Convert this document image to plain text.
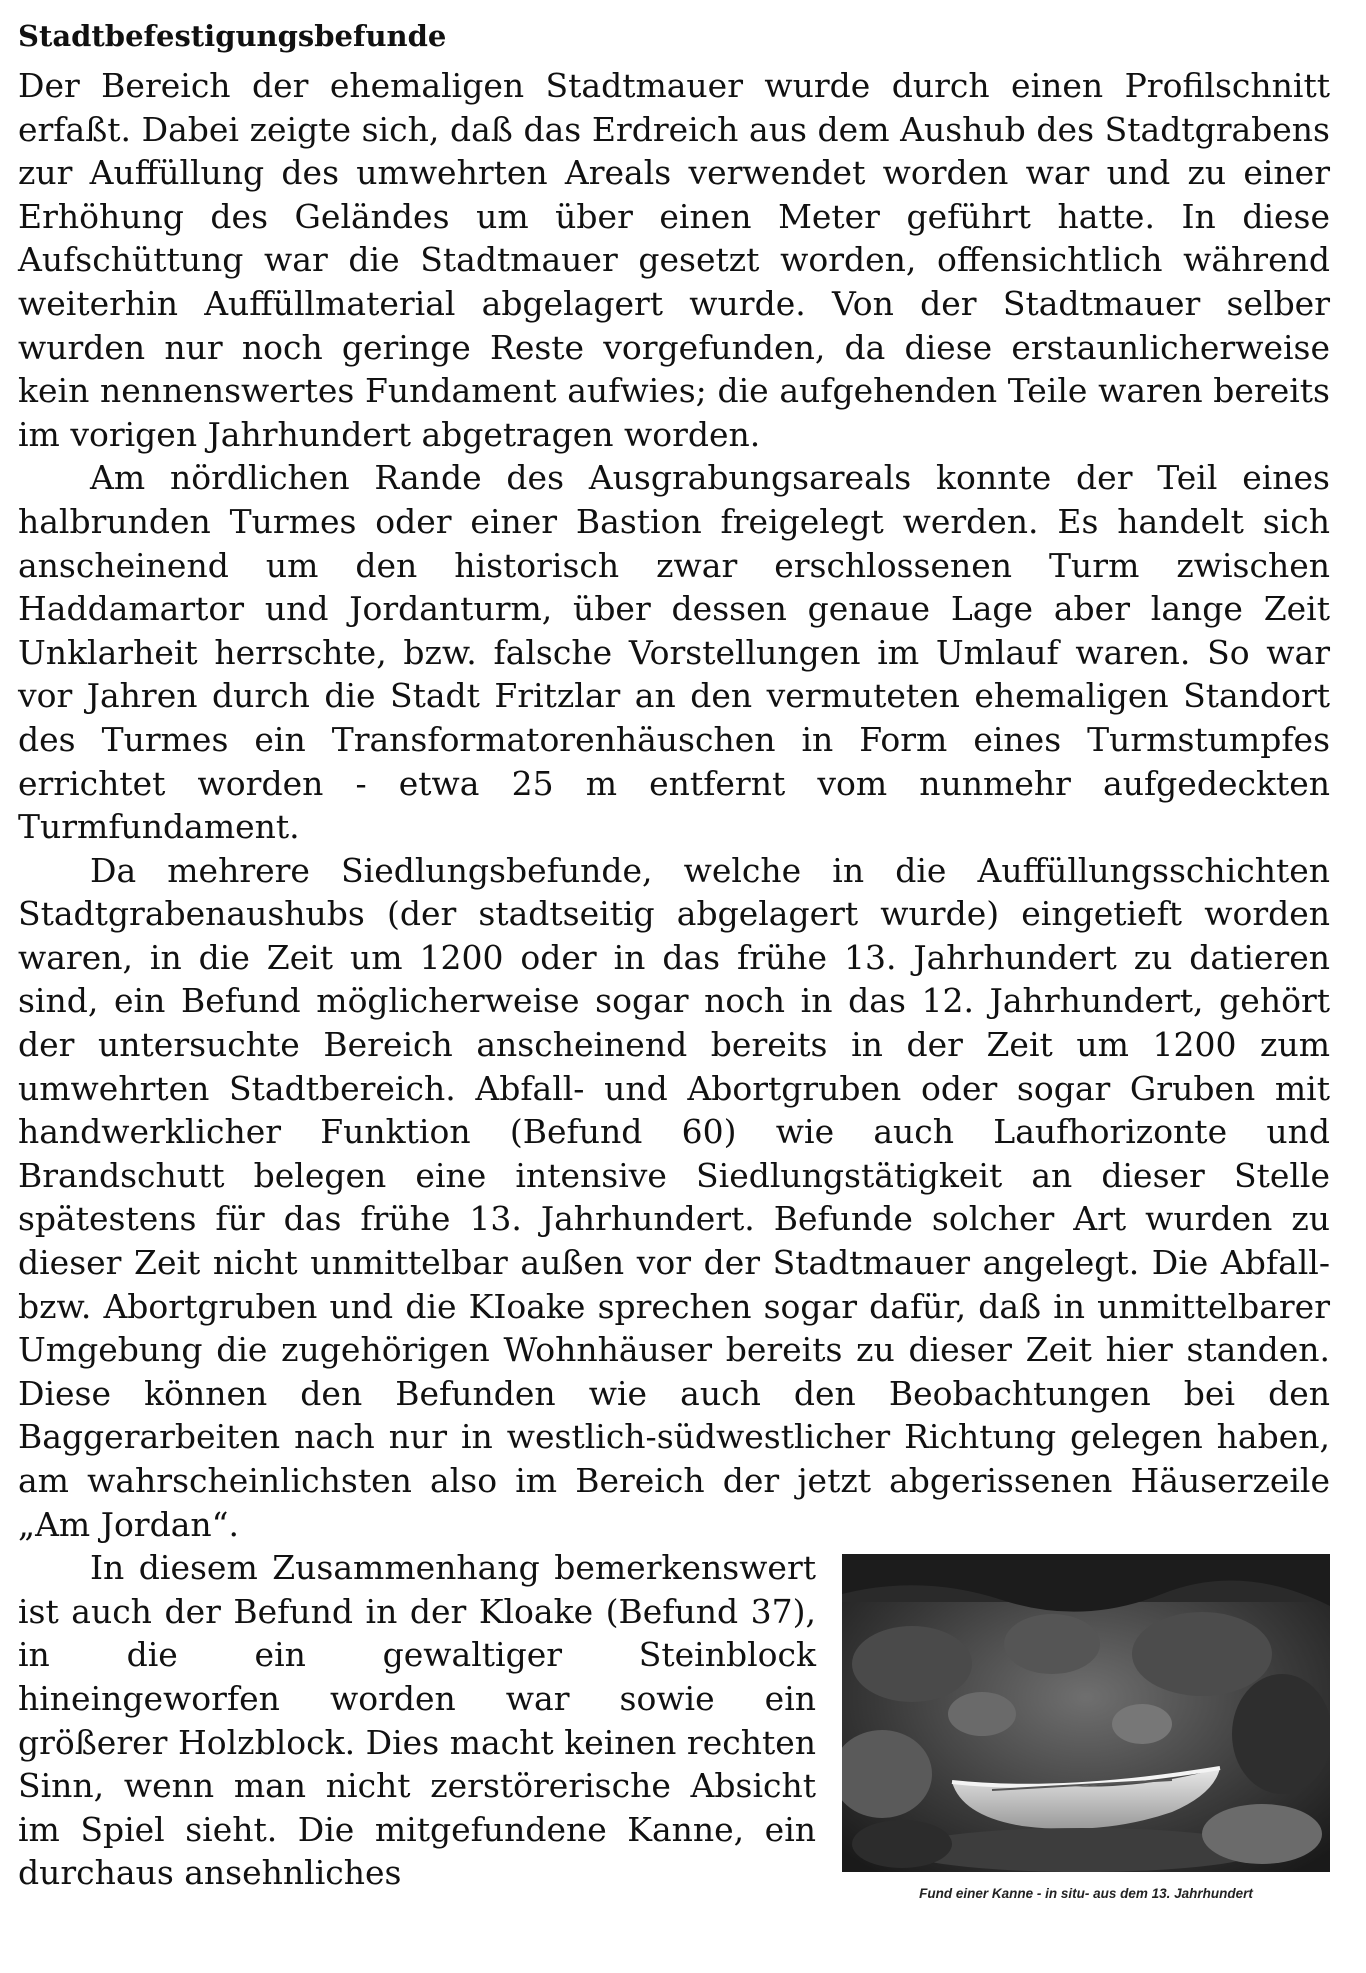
Stadtbefestigungsbefunde

Der Bereich der ehemaligen Stadtmauer wurde durch einen Profilschnitt erfaßt. Dabei zeigte sich, daß das Erdreich aus dem Aushub des Stadtgrabens zur Auffüllung des umwehrten Areals verwendet worden war und zu einer Erhöhung des Geländes um über einen Meter geführt hatte. In diese Aufschüttung war die Stadtmauer gesetzt worden, offensichtlich während weiterhin Auffüllmaterial abgelagert wurde. Von der Stadtmauer selber wurden nur noch geringe Reste vorgefunden, da diese erstaunlicherweise kein nennenswertes Fundament aufwies; die aufgehenden Teile waren bereits im vorigen Jahrhundert abgetragen worden.

Am nördlichen Rande des Ausgrabungsareals konnte der Teil eines halbrunden Turmes oder einer Bastion freigelegt werden. Es handelt sich anscheinend um den historisch zwar erschlossenen Turm zwischen Haddamartor und Jordanturm, über dessen genaue Lage aber lange Zeit Unklarheit herrschte, bzw. falsche Vorstellungen im Umlauf waren. So war vor Jahren durch die Stadt Fritzlar an den vermuteten ehemaligen Standort des Turmes ein Transformatorenhäuschen in Form eines Turmstumpfes errichtet worden - etwa 25 m entfernt vom nunmehr aufgedeckten Turmfundament.

Da mehrere Siedlungsbefunde, welche in die Auffüllungsschichten Stadtgrabenaushubs (der stadtseitig abgelagert wurde) eingetieft worden waren, in die Zeit um 1200 oder in das frühe 13. Jahrhundert zu datieren sind, ein Befund möglicherweise sogar noch in das 12. Jahrhundert, gehört der untersuchte Bereich anscheinend bereits in der Zeit um 1200 zum umwehrten Stadtbereich. Abfall- und Abortgruben oder sogar Gruben mit handwerklicher Funktion (Befund 60) wie auch Laufhorizonte und Brandschutt belegen eine intensive Siedlungstätigkeit an dieser Stelle spätestens für das frühe 13. Jahrhundert. Befunde solcher Art wurden zu dieser Zeit nicht unmittelbar außen vor der Stadtmauer angelegt. Die Abfall- bzw. Abortgruben und die KIoake sprechen sogar dafür, daß in unmittelbarer Umgebung die zugehörigen Wohnhäuser bereits zu dieser Zeit hier standen. Diese können den Befunden wie auch den Beobachtungen bei den Baggerarbeiten nach nur in westlich-südwestlicher Richtung gelegen haben, am wahrscheinlichsten also im Bereich der jetzt abgerissenen Häuserzeile „Am Jordan“.

Fund einer Kanne - in situ- aus dem 13. Jahrhundert

In diesem Zusammenhang bemerkenswert ist auch der Befund in der Kloake (Befund 37), in die ein gewaltiger Steinblock hineingeworfen worden war sowie ein größerer Holzblock. Dies macht keinen rechten Sinn, wenn man nicht zerstörerische Absicht im Spiel sieht. Die mitgefundene Kanne, ein durchaus ansehnliches
